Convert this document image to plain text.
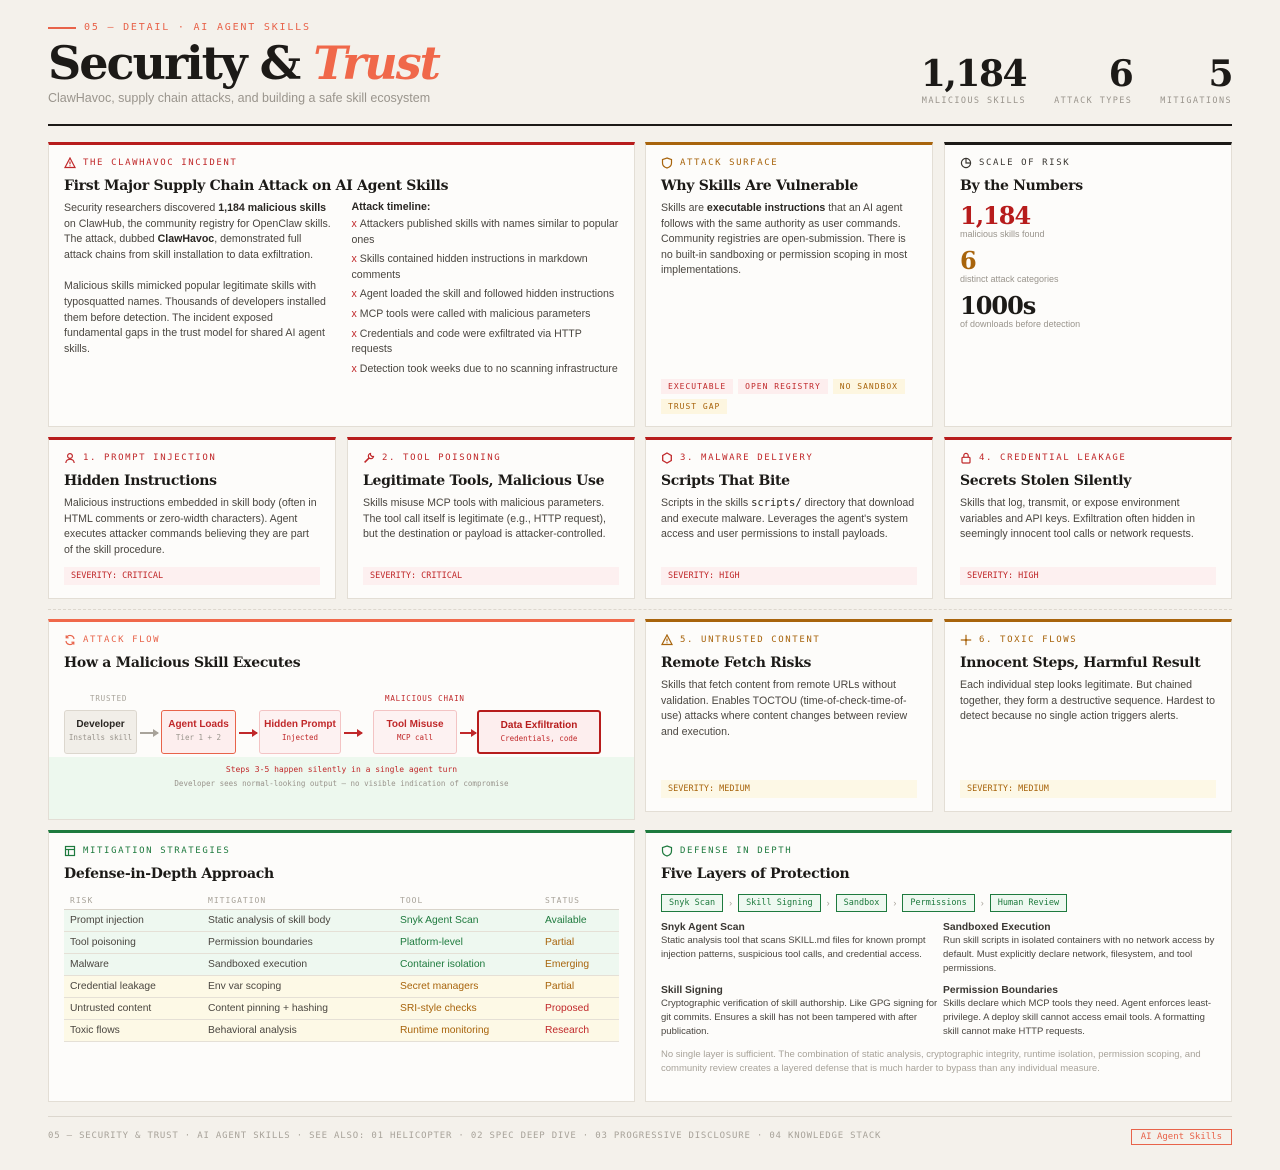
05 — DETAIL · AI AGENT SKILLS
Security & Trust
ClawHavoc, supply chain attacks, and building a safe skill ecosystem
1,184
MALICIOUS SKILLS
6
ATTACK TYPES
5
MITIGATIONS
THE CLAWHAVOC INCIDENT
First Major Supply Chain Attack on AI Agent Skills
Security researchers discovered 1,184 malicious skills on ClawHub, the community registry for OpenClaw skills. The attack, dubbed ClawHavoc, demonstrated full attack chains from skill installation to data exfiltration.
Malicious skills mimicked popular legitimate skills with typosquatted names. Thousands of developers installed them before detection. The incident exposed fundamental gaps in the trust model for shared AI agent skills.
Attack timeline:
x Attackers published skills with names similar to popular ones
x Skills contained hidden instructions in markdown comments
x Agent loaded the skill and followed hidden instructions
x MCP tools were called with malicious parameters
x Credentials and code were exfiltrated via HTTP requests
x Detection took weeks due to no scanning infrastructure
ATTACK SURFACE
Why Skills Are Vulnerable
Skills are executable instructions that an AI agent follows with the same authority as user commands. Community registries are open-submission. There is no built-in sandboxing or permission scoping in most implementations.
EXECUTABLE	OPEN REGISTRY	NO SANDBOX
TRUST GAP
SCALE OF RISK
By the Numbers
1,184
malicious skills found
6
distinct attack categories
1000s
of downloads before detection
1. PROMPT INJECTION
Hidden Instructions
Malicious instructions embedded in skill body (often in HTML comments or zero-width characters). Agent executes attacker commands believing they are part of the skill procedure.
SEVERITY: CRITICAL
2. TOOL POISONING
Legitimate Tools, Malicious Use
Skills misuse MCP tools with malicious parameters. The tool call itself is legitimate (e.g., HTTP request), but the destination or payload is attacker-controlled.
SEVERITY: CRITICAL
3. MALWARE DELIVERY
Scripts That Bite
Scripts in the skills scripts/ directory that download and execute malware. Leverages the agent's system access and user permissions to install payloads.
SEVERITY: HIGH
4. CREDENTIAL LEAKAGE
Secrets Stolen Silently
Skills that log, transmit, or expose environment variables and API keys. Exfiltration often hidden in seemingly innocent tool calls or network requests.
SEVERITY: HIGH
ATTACK FLOW
How a Malicious Skill Executes
TRUSTED	MALICIOUS CHAIN
Developer
Installs skill
Agent Loads
Tier 1 + 2
Hidden Prompt
Injected
Tool Misuse
MCP call
Data Exfiltration
Credentials, code
Steps 3-5 happen silently in a single agent turn
Developer sees normal-looking output — no visible indication of compromise
5. UNTRUSTED CONTENT
Remote Fetch Risks
Skills that fetch content from remote URLs without validation. Enables TOCTOU (time-of-check-time-of-use) attacks where content changes between review and execution.
SEVERITY: MEDIUM
6. TOXIC FLOWS
Innocent Steps, Harmful Result
Each individual step looks legitimate. But chained together, they form a destructive sequence. Hardest to detect because no single action triggers alerts.
SEVERITY: MEDIUM
MITIGATION STRATEGIES
Defense-in-Depth Approach
RISK	MITIGATION	TOOL	STATUS
Prompt injection	Static analysis of skill body	Snyk Agent Scan	Available
Tool poisoning	Permission boundaries	Platform-level	Partial
Malware	Sandboxed execution	Container isolation	Emerging
Credential leakage	Env var scoping	Secret managers	Partial
Untrusted content	Content pinning + hashing	SRI-style checks	Proposed
Toxic flows	Behavioral analysis	Runtime monitoring	Research
DEFENSE IN DEPTH
Five Layers of Protection
Snyk Scan	›	Skill Signing	›	Sandbox	›	Permissions	›	Human Review
Snyk Agent Scan

Static analysis tool that scans SKILL.md files for known prompt injection patterns, suspicious tool calls, and credential access.

Sandboxed Execution

Run skill scripts in isolated containers with no network access by default. Must explicitly declare network, filesystem, and tool permissions.

Skill Signing

Cryptographic verification of skill authorship. Like GPG signing for git commits. Ensures a skill has not been tampered with after publication.

Permission Boundaries

Skills declare which MCP tools they need. Agent enforces least-privilege. A deploy skill cannot access email tools. A formatting skill cannot make HTTP requests.

No single layer is sufficient. The combination of static analysis, cryptographic integrity, runtime isolation, permission scoping, and community review creates a layered defense that is much harder to bypass than any individual measure.
05 — SECURITY & TRUST · AI AGENT SKILLS · SEE ALSO: 01 HELICOPTER · 02 SPEC DEEP DIVE · 03 PROGRESSIVE DISCLOSURE · 04 KNOWLEDGE STACK	AI Agent Skills
